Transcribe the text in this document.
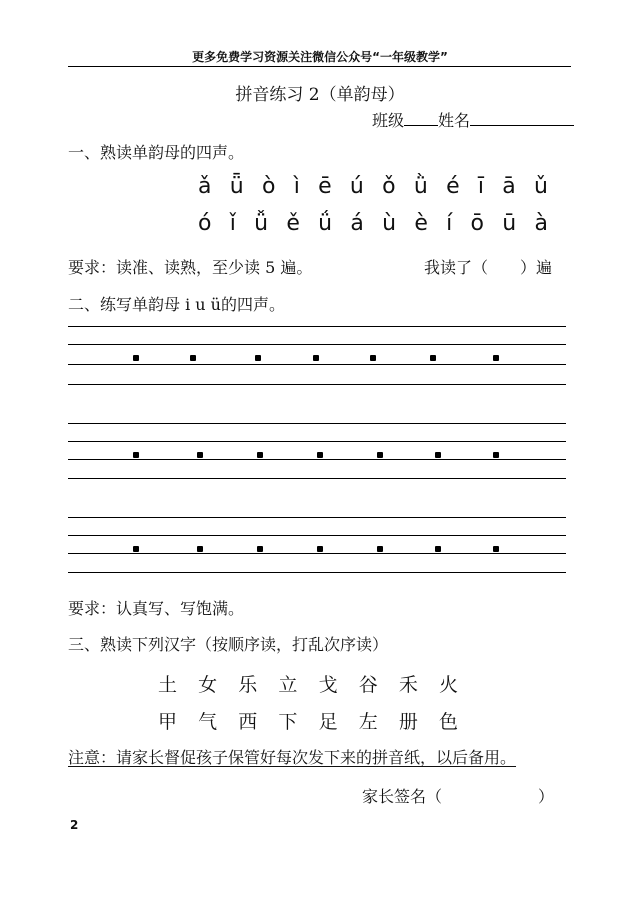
更多免费学习资源关注微信公众号“一年级教学”
拼音练习 2（单韵母）
班级 姓名
一、熟读单韵母的四声。
ǎ ǖ ò ì ē ú ǒ ǜ é ī ā ǔ
ó ǐ ǚ ě ǘ á ù è í ō ū à
要求：读准、读熟，至少读 5 遍。	我读了（　　）遍
二、练写单韵母 i u ü的四声。
要求：认真写、写饱满。
三、熟读下列汉字（按顺序读，打乱次序读）
土 女 乐 立 戈 谷 禾 火
甲 气 西 下 足 左 册 色
注意：请家长督促孩子保管好每次发下来的拼音纸，以后备用。
家长签名（　　　　　　）
2
